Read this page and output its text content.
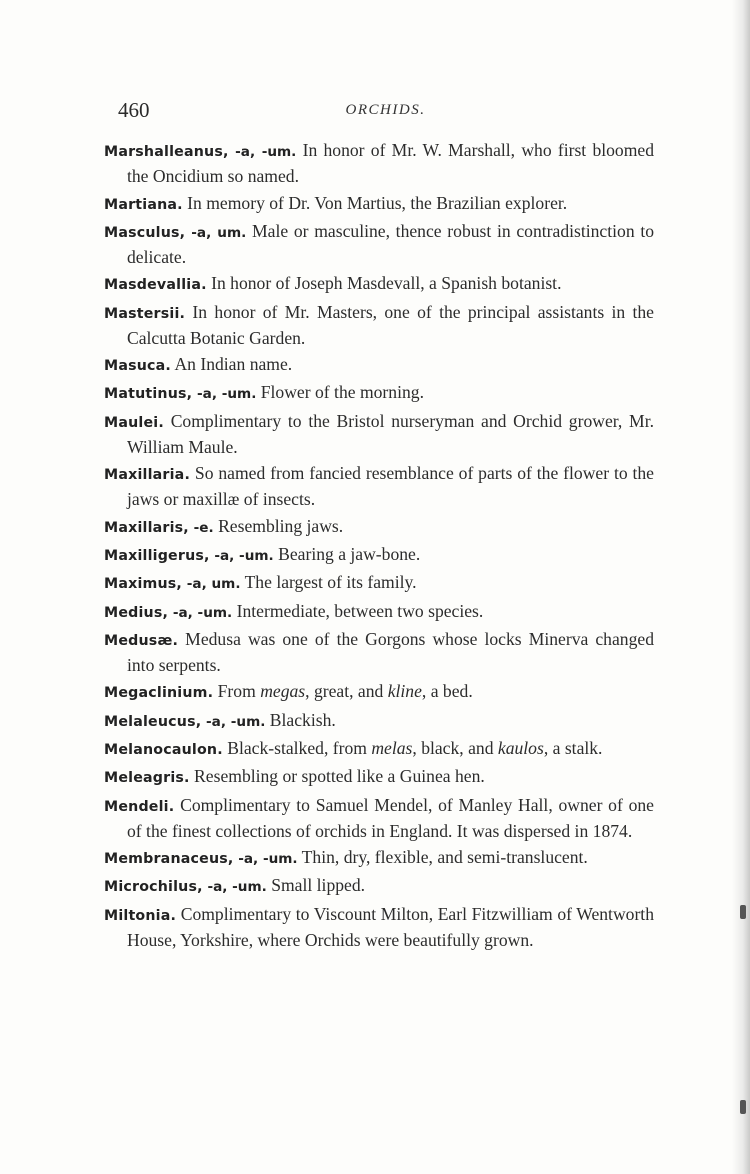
460	ORCHIDS.

Marshalleanus, -a, -um. In honor of Mr. W. Marshall, who first bloomed the Oncidium so named.

Martiana. In memory of Dr. Von Martius, the Brazilian explorer.

Masculus, -a, um. Male or masculine, thence robust in contradistinction to delicate.

Masdevallia. In honor of Joseph Masdevall, a Spanish botanist.

Mastersii. In honor of Mr. Masters, one of the principal assistants in the Calcutta Botanic Garden.

Masuca. An Indian name.

Matutinus, -a, -um. Flower of the morning.

Maulei. Complimentary to the Bristol nurseryman and Orchid grower, Mr. William Maule.

Maxillaria. So named from fancied resemblance of parts of the flower to the jaws or maxillæ of insects.

Maxillaris, -e. Resembling jaws.

Maxilligerus, -a, -um. Bearing a jaw-bone.

Maximus, -a, um. The largest of its family.

Medius, -a, -um. Intermediate, between two species.

Medusæ. Medusa was one of the Gorgons whose locks Minerva changed into serpents.

Megaclinium. From megas, great, and kline, a bed.

Melaleucus, -a, -um. Blackish.

Melanocaulon. Black-stalked, from melas, black, and kaulos, a stalk.

Meleagris. Resembling or spotted like a Guinea hen.

Mendeli. Complimentary to Samuel Mendel, of Manley Hall, owner of one of the finest collections of orchids in England. It was dispersed in 1874.

Membranaceus, -a, -um. Thin, dry, flexible, and semi-translucent.

Microchilus, -a, -um. Small lipped.

Miltonia. Complimentary to Viscount Milton, Earl Fitzwilliam of Wentworth House, Yorkshire, where Orchids were beautifully grown.
